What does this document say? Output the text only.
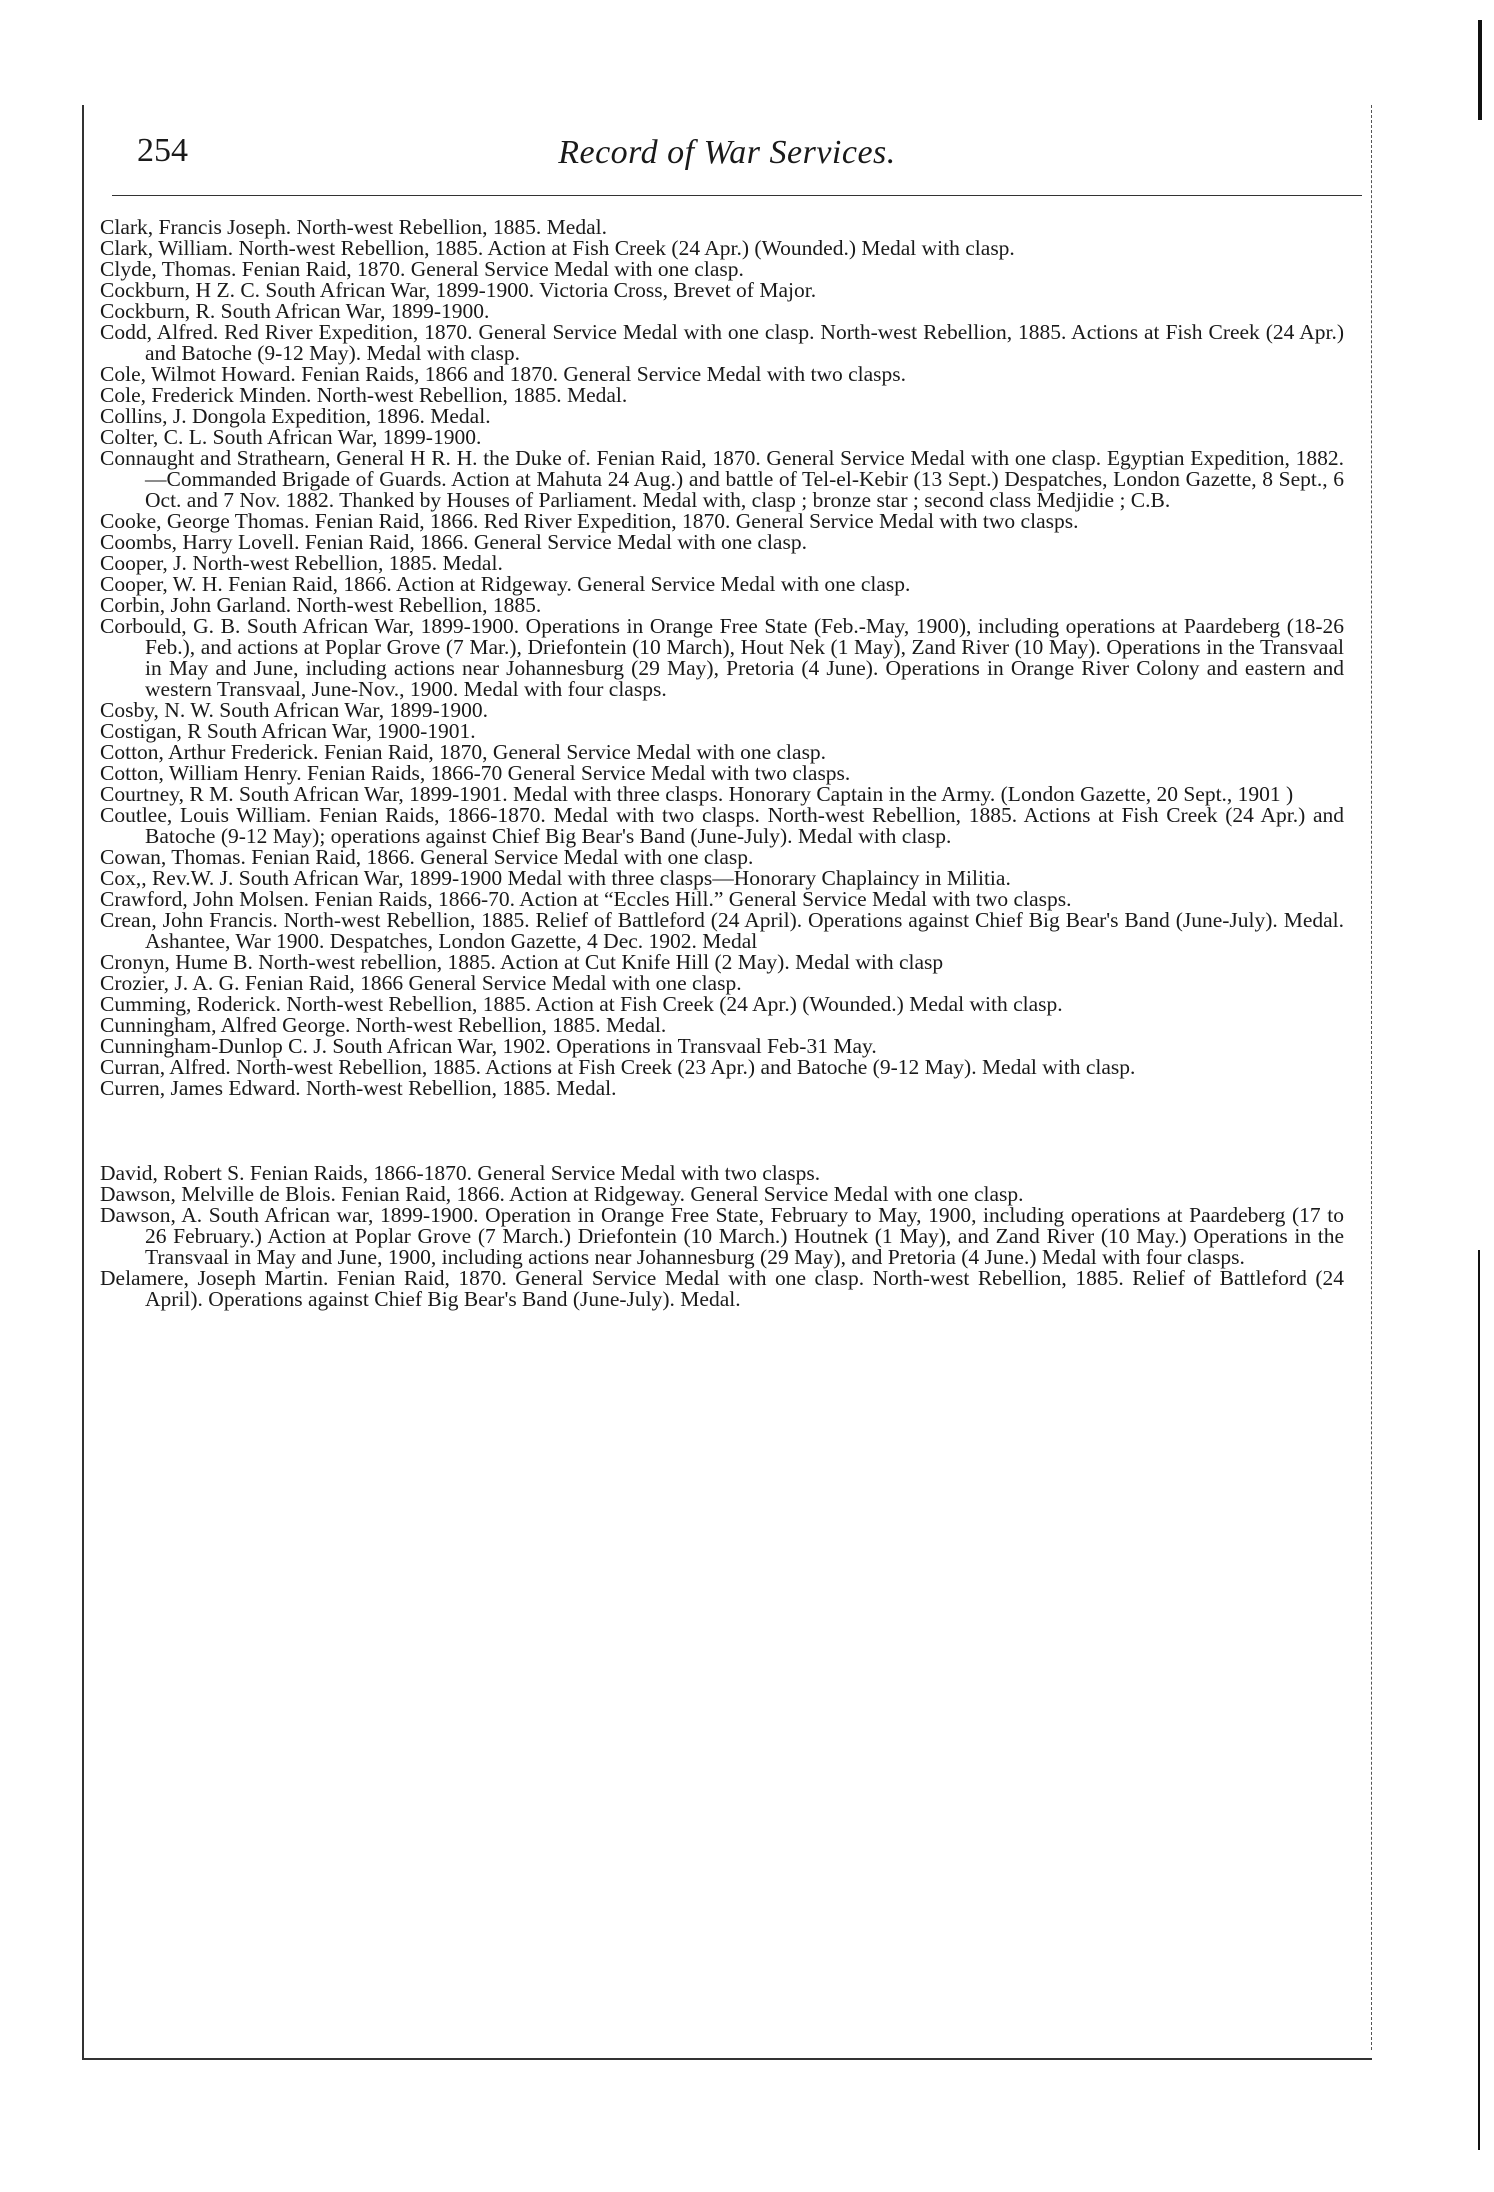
254	Record of War Services.

Clark, Francis Joseph. North-west Rebellion, 1885. Medal.

Clark, William. North-west Rebellion, 1885. Action at Fish Creek (24 Apr.) (Wounded.) Medal with clasp.

Clyde, Thomas. Fenian Raid, 1870. General Service Medal with one clasp.

Cockburn, H Z. C. South African War, 1899-1900. Victoria Cross, Brevet of Major.

Cockburn, R. South African War, 1899-1900.

Codd, Alfred. Red River Expedition, 1870. General Service Medal with one clasp. North-west Rebellion, 1885. Actions at Fish Creek (24 Apr.) and Batoche (9-12 May). Medal with clasp.

Cole, Wilmot Howard. Fenian Raids, 1866 and 1870. General Service Medal with two clasps.

Cole, Frederick Minden. North-west Rebellion, 1885. Medal.

Collins, J. Dongola Expedition, 1896. Medal.

Colter, C. L. South African War, 1899-1900.

Connaught and Strathearn, General H R. H. the Duke of. Fenian Raid, 1870. General Service Medal with one clasp. Egyptian Expedition, 1882.—Commanded Brigade of Guards. Action at Mahuta 24 Aug.) and battle of Tel-el-Kebir (13 Sept.) Despatches, London Gazette, 8 Sept., 6 Oct. and 7 Nov. 1882. Thanked by Houses of Parliament. Medal with, clasp ; bronze star ; second class Medjidie ; C.B.

Cooke, George Thomas. Fenian Raid, 1866. Red River Expedition, 1870. General Service Medal with two clasps.

Coombs, Harry Lovell. Fenian Raid, 1866. General Service Medal with one clasp.

Cooper, J. North-west Rebellion, 1885. Medal.

Cooper, W. H. Fenian Raid, 1866. Action at Ridgeway. General Service Medal with one clasp.

Corbin, John Garland. North-west Rebellion, 1885.

Corbould, G. B. South African War, 1899-1900. Operations in Orange Free State (Feb.-May, 1900), including operations at Paardeberg (18-26 Feb.), and actions at Poplar Grove (7 Mar.), Driefontein (10 March), Hout Nek (1 May), Zand River (10 May). Operations in the Transvaal in May and June, including actions near Johannesburg (29 May), Pretoria (4 June). Operations in Orange River Colony and eastern and western Transvaal, June-Nov., 1900. Medal with four clasps.

Cosby, N. W. South African War, 1899-1900.

Costigan, R South African War, 1900-1901.

Cotton, Arthur Frederick. Fenian Raid, 1870, General Service Medal with one clasp.

Cotton, William Henry. Fenian Raids, 1866-70 General Service Medal with two clasps.

Courtney, R M. South African War, 1899-1901. Medal with three clasps. Honorary Captain in the Army. (London Gazette, 20 Sept., 1901 )

Coutlee, Louis William. Fenian Raids, 1866-1870. Medal with two clasps. North-west Rebellion, 1885. Actions at Fish Creek (24 Apr.) and Batoche (9-12 May); operations against Chief Big Bear's Band (June-July). Medal with clasp.

Cowan, Thomas. Fenian Raid, 1866. General Service Medal with one clasp.

Cox,, Rev.W. J. South African War, 1899-1900 Medal with three clasps—Honorary Chaplaincy in Militia.

Crawford, John Molsen. Fenian Raids, 1866-70. Action at “Eccles Hill.” General Service Medal with two clasps.

Crean, John Francis. North-west Rebellion, 1885. Relief of Battleford (24 April). Operations against Chief Big Bear's Band (June-July). Medal. Ashantee, War 1900. Despatches, London Gazette, 4 Dec. 1902. Medal

Cronyn, Hume B. North-west rebellion, 1885. Action at Cut Knife Hill (2 May). Medal with clasp

Crozier, J. A. G. Fenian Raid, 1866 General Service Medal with one clasp.

Cumming, Roderick. North-west Rebellion, 1885. Action at Fish Creek (24 Apr.) (Wounded.) Medal with clasp.

Cunningham, Alfred George. North-west Rebellion, 1885. Medal.

Cunningham-Dunlop C. J. South African War, 1902. Operations in Transvaal Feb-31 May.

Curran, Alfred. North-west Rebellion, 1885. Actions at Fish Creek (23 Apr.) and Batoche (9-12 May). Medal with clasp.

Curren, James Edward. North-west Rebellion, 1885. Medal.

David, Robert S. Fenian Raids, 1866-1870. General Service Medal with two clasps.

Dawson, Melville de Blois. Fenian Raid, 1866. Action at Ridgeway. General Service Medal with one clasp.

Dawson, A. South African war, 1899-1900. Operation in Orange Free State, February to May, 1900, including operations at Paardeberg (17 to 26 February.) Action at Poplar Grove (7 March.) Driefontein (10 March.) Houtnek (1 May), and Zand River (10 May.) Operations in the Transvaal in May and June, 1900, including actions near Johannesburg (29 May), and Pretoria (4 June.) Medal with four clasps.

Delamere, Joseph Martin. Fenian Raid, 1870. General Service Medal with one clasp. North-west Rebellion, 1885. Relief of Battleford (24 April). Operations against Chief Big Bear's Band (June-July). Medal.
